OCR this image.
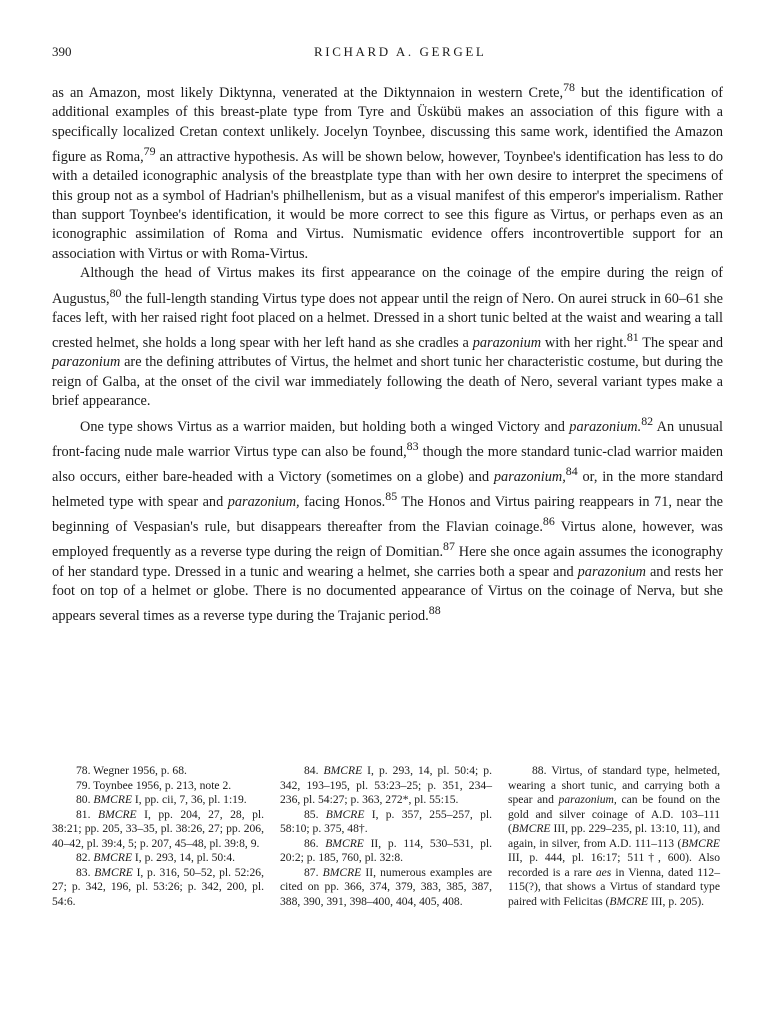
390	RICHARD A. GERGEL

as an Amazon, most likely Diktynna, venerated at the Diktynnaion in western Crete,$^{78}$ but the identification of additional examples of this breast-plate type from Tyre and Üskübü makes an association of this figure with a specifically localized Cretan context unlikely. Jocelyn Toynbee, discussing this same work, identified the Amazon figure as Roma,$^{79}$ an attractive hypothesis. As will be shown below, however, Toynbee's identification has less to do with a detailed iconographic analysis of the breastplate type than with her own desire to interpret the specimens of this group not as a symbol of Hadrian's philhellenism, but as a visual manifest of this emperor's imperialism. Rather than support Toynbee's identification, it would be more correct to see this figure as Virtus, or perhaps even as an iconographic assimilation of Roma and Virtus. Numismatic evidence offers incontrovertible support for an association with Virtus or with Roma-Virtus.

Although the head of Virtus makes its first appearance on the coinage of the empire during the reign of Augustus,$^{80}$ the full-length standing Virtus type does not appear until the reign of Nero. On aurei struck in 60–61 she faces left, with her raised right foot placed on a helmet. Dressed in a short tunic belted at the waist and wearing a tall crested helmet, she holds a long spear with her left hand as she cradles a parazonium with her right.$^{81}$ The spear and parazonium are the defining attributes of Virtus, the helmet and short tunic her characteristic costume, but during the reign of Galba, at the onset of the civil war immediately following the death of Nero, several variant types make a brief appearance.

One type shows Virtus as a warrior maiden, but holding both a winged Victory and parazonium.$^{82}$ An unusual front-facing nude male warrior Virtus type can also be found,$^{83}$ though the more standard tunic-clad warrior maiden also occurs, either bare-headed with a Victory (sometimes on a globe) and parazonium,$^{84}$ or, in the more standard helmeted type with spear and parazonium, facing Honos.$^{85}$ The Honos and Virtus pairing reappears in 71, near the beginning of Vespasian's rule, but disappears thereafter from the Flavian coinage.$^{86}$ Virtus alone, however, was employed frequently as a reverse type during the reign of Domitian.$^{87}$ Here she once again assumes the iconography of her standard type. Dressed in a tunic and wearing a helmet, she carries both a spear and parazonium and rests her foot on top of a helmet or globe. There is no documented appearance of Virtus on the coinage of Nerva, but she appears several times as a reverse type during the Trajanic period.$^{88}$

78. Wegner 1956, p. 68.

79. Toynbee 1956, p. 213, note 2.

80. BMCRE I, pp. cii, 7, 36, pl. 1:19.

81. BMCRE I, pp. 204, 27, 28, pl. 38:21; pp. 205, 33–35, pl. 38:26, 27; pp. 206, 40–42, pl. 39:4, 5; p. 207, 45–48, pl. 39:8, 9.

82. BMCRE I, p. 293, 14, pl. 50:4.

83. BMCRE I, p. 316, 50–52, pl. 52:26, 27; p. 342, 196, pl. 53:26; p. 342, 200, pl. 54:6.

84. BMCRE I, p. 293, 14, pl. 50:4; p. 342, 193–195, pl. 53:23–25; p. 351, 234–236, pl. 54:27; p. 363, 272*, pl. 55:15.

85. BMCRE I, p. 357, 255–257, pl. 58:10; p. 375, 48†.

86. BMCRE II, p. 114, 530–531, pl. 20:2; p. 185, 760, pl. 32:8.

87. BMCRE II, numerous examples are cited on pp. 366, 374, 379, 383, 385, 387, 388, 390, 391, 398–400, 404, 405, 408.

88. Virtus, of standard type, helmeted, wearing a short tunic, and carrying both a spear and parazonium, can be found on the gold and silver coinage of A.D. 103–111 (BMCRE III, pp. 229–235, pl. 13:10, 11), and again, in silver, from A.D. 111–113 (BMCRE III, p. 444, pl. 16:17; 511†, 600). Also recorded is a rare aes in Vienna, dated 112–115(?), that shows a Virtus of standard type paired with Felicitas (BMCRE III, p. 205).
